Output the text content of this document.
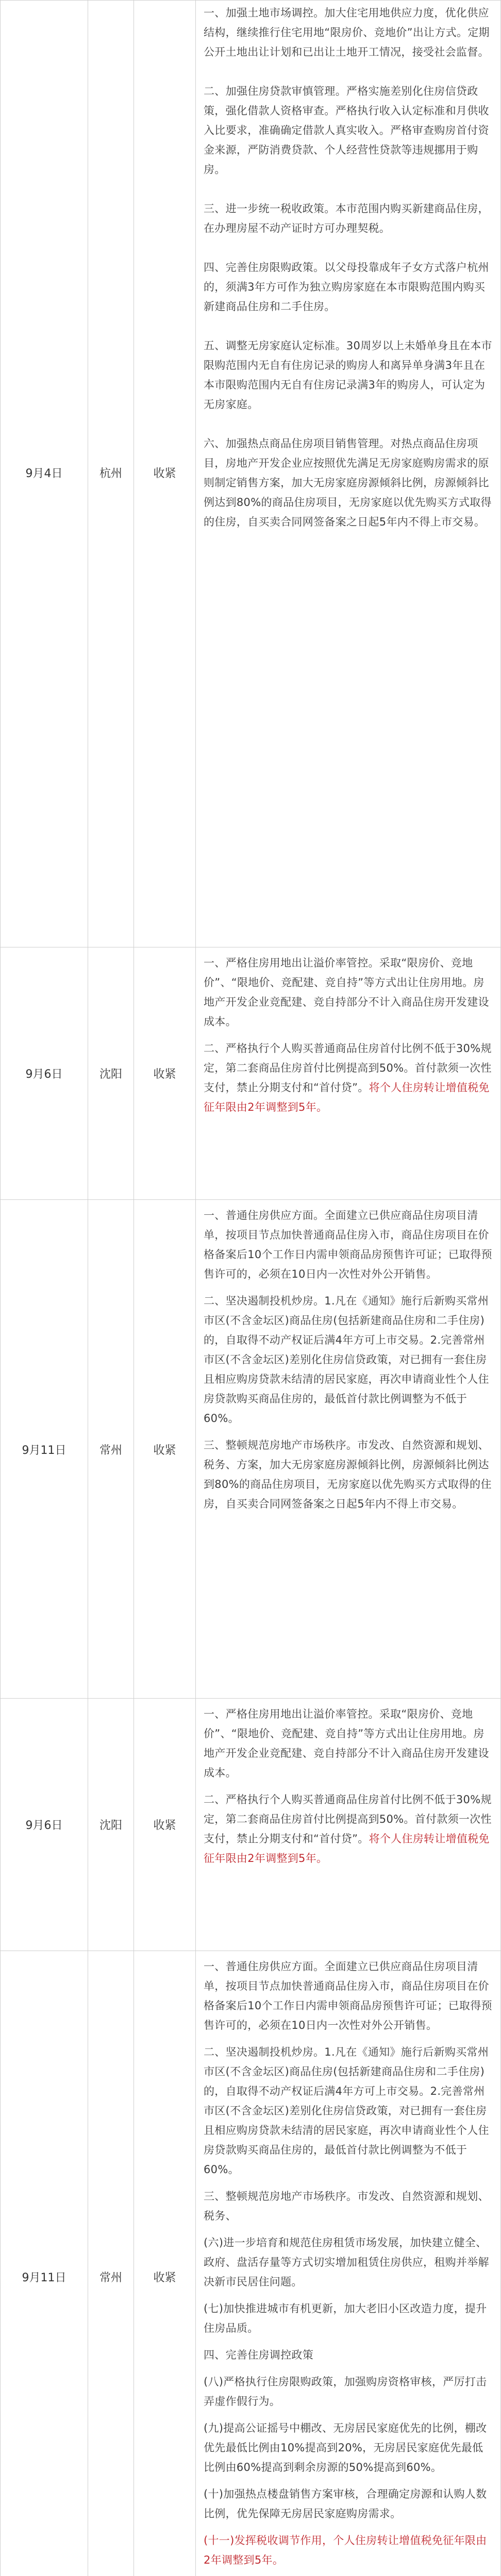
9月4日	杭州	收紧

一、加强土地市场调控。加大住宅用地供应力度，优化供应结构，继续推行住宅用地“限房价、竞地价”出让方式。定期公开土地出让计划和已出让土地开工情况，接受社会监督。

二、加强住房贷款审慎管理。严格实施差别化住房信贷政策，强化借款人资格审查。严格执行收入认定标准和月供收入比要求，准确确定借款人真实收入。严格审查购房首付资金来源，严防消费贷款、个人经营性贷款等违规挪用于购房。

三、进一步统一税收政策。本市范围内购买新建商品住房，在办理房屋不动产证时方可办理契税。

四、完善住房限购政策。以父母投靠成年子女方式落户杭州的，须满3年方可作为独立购房家庭在本市限购范围内购买新建商品住房和二手住房。

五、调整无房家庭认定标准。30周岁以上未婚单身且在本市限购范围内无自有住房记录的购房人和离异单身满3年且在本市限购范围内无自有住房记录满3年的购房人，可认定为无房家庭。

六、加强热点商品住房项目销售管理。对热点商品住房项目，房地产开发企业应按照优先满足无房家庭购房需求的原则制定销售方案，加大无房家庭房源倾斜比例，房源倾斜比例达到80%的商品住房项目，无房家庭以优先购买方式取得的住房，自买卖合同网签备案之日起5年内不得上市交易。

9月6日	沈阳	收紧

一、严格住房用地出让溢价率管控。采取“限房价、竞地价”、“限地价、竞配建、竞自持”等方式出让住房用地。房地产开发企业竞配建、竞自持部分不计入商品住房开发建设成本。

二、严格执行个人购买普通商品住房首付比例不低于30%规定，第二套商品住房首付比例提高到50%。首付款须一次性支付，禁止分期支付和“首付贷”。将个人住房转让增值税免征年限由2年调整到5年。

9月11日	常州	收紧

一、普通住房供应方面。全面建立已供应商品住房项目清单，按项目节点加快普通商品住房入市，商品住房项目在价格备案后10个工作日内需申领商品房预售许可证；已取得预售许可的，必须在10日内一次性对外公开销售。

二、坚决遏制投机炒房。1.凡在《通知》施行后新购买常州市区(不含金坛区)商品住房(包括新建商品住房和二手住房)的，自取得不动产权证后满4年方可上市交易。2.完善常州市区(不含金坛区)差别化住房信贷政策，对已拥有一套住房且相应购房贷款未结清的居民家庭，再次申请商业性个人住房贷款购买商品住房的，最低首付款比例调整为不低于60%。

三、整顿规范房地产市场秩序。市发改、自然资源和规划、税务、方案，加大无房家庭房源倾斜比例，房源倾斜比例达到80%的商品住房项目，无房家庭以优先购买方式取得的住房，自买卖合同网签备案之日起5年内不得上市交易。

9月6日	沈阳	收紧

一、严格住房用地出让溢价率管控。采取“限房价、竞地价”、“限地价、竞配建、竞自持”等方式出让住房用地。房地产开发企业竞配建、竞自持部分不计入商品住房开发建设成本。

二、严格执行个人购买普通商品住房首付比例不低于30%规定，第二套商品住房首付比例提高到50%。首付款须一次性支付，禁止分期支付和“首付贷”。将个人住房转让增值税免征年限由2年调整到5年。

9月11日	常州	收紧

一、普通住房供应方面。全面建立已供应商品住房项目清单，按项目节点加快普通商品住房入市，商品住房项目在价格备案后10个工作日内需申领商品房预售许可证；已取得预售许可的，必须在10日内一次性对外公开销售。

二、坚决遏制投机炒房。1.凡在《通知》施行后新购买常州市区(不含金坛区)商品住房(包括新建商品住房和二手住房)的，自取得不动产权证后满4年方可上市交易。2.完善常州市区(不含金坛区)差别化住房信贷政策，对已拥有一套住房且相应购房贷款未结清的居民家庭，再次申请商业性个人住房贷款购买商品住房的，最低首付款比例调整为不低于60%。

三、整顿规范房地产市场秩序。市发改、自然资源和规划、税务、

(六)进一步培育和规范住房租赁市场发展，加快建立健全、政府、盘活存量等方式切实增加租赁住房供应，租购并举解决新市民居住问题。

(七)加快推进城市有机更新，加大老旧小区改造力度，提升住房品质。

四、完善住房调控政策

(八)严格执行住房限购政策，加强购房资格审核，严厉打击弄虚作假行为。

(九)提高公证摇号中棚改、无房居民家庭优先的比例，棚改优先最低比例由10%提高到20%，无房居民家庭优先最低比例由60%提高到剩余房源的50%提高到60%。

(十)加强热点楼盘销售方案审核，合理确定房源和认购人数比例，优先保障无房居民家庭购房需求。

(十一)发挥税收调节作用，个人住房转让增值税免征年限由2年调整到5年。
